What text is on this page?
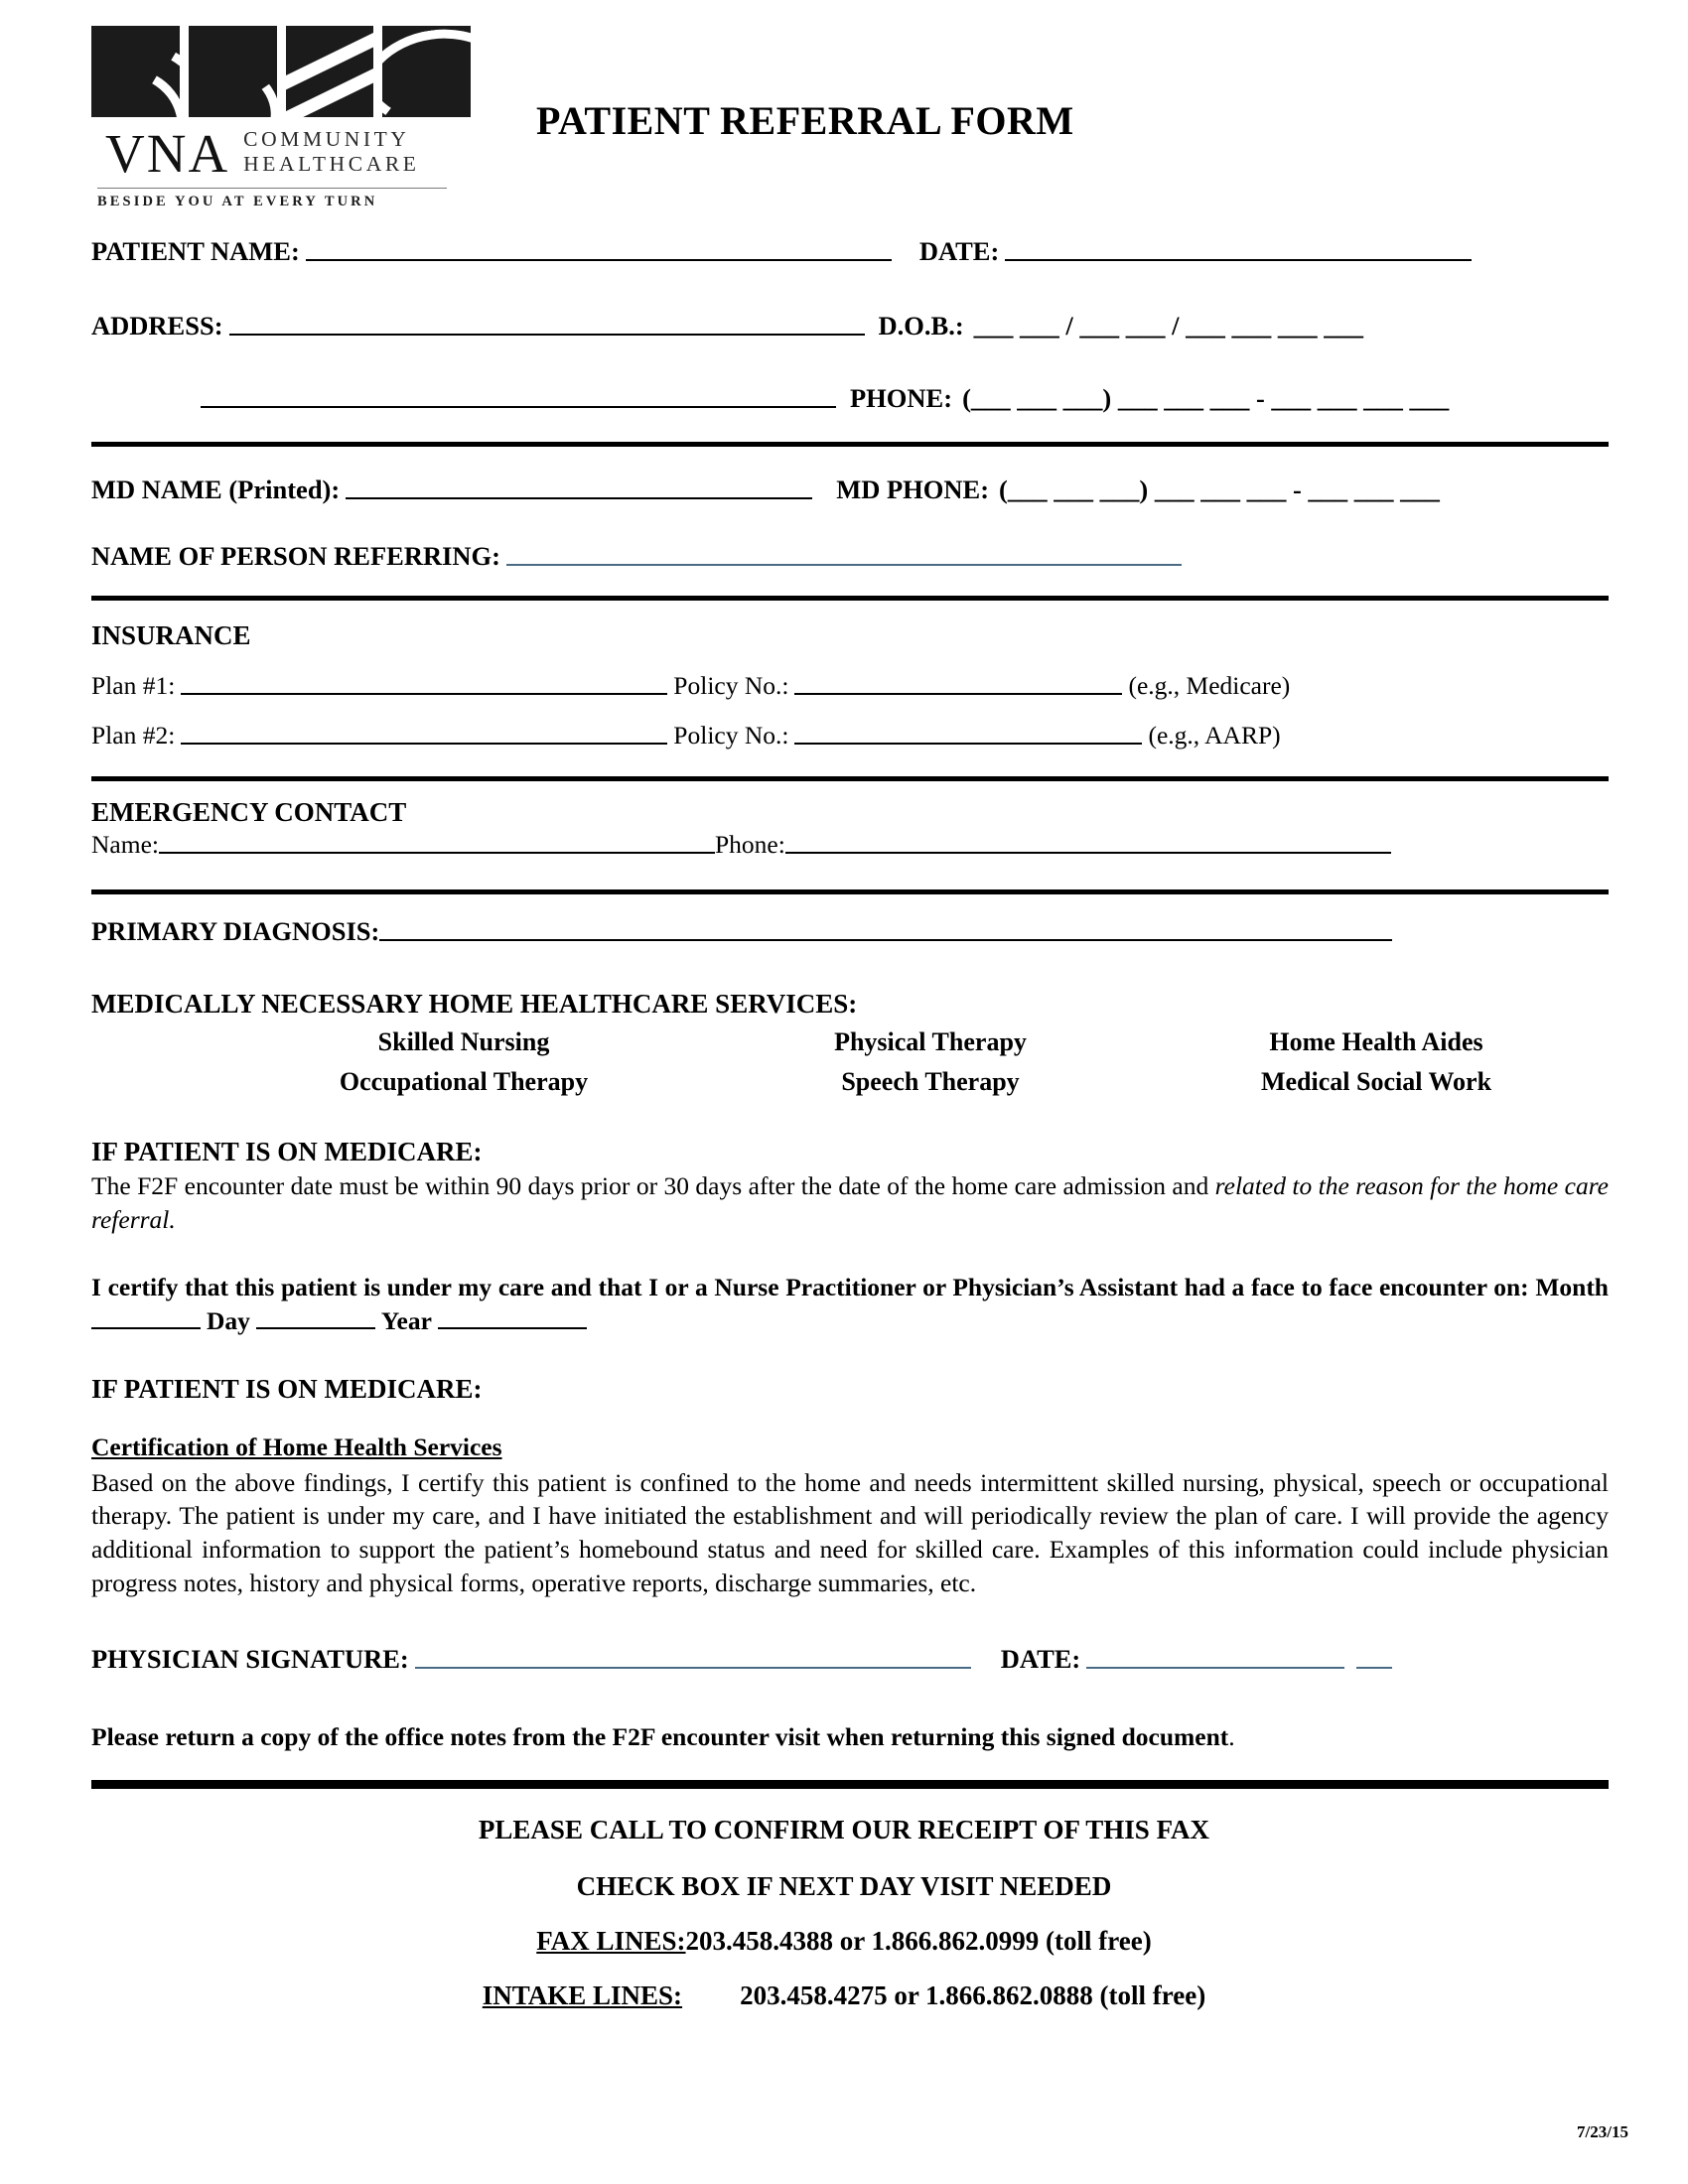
VNA COMMUNITY
HEALTHCARE
BESIDE YOU AT EVERY TURN
PATIENT REFERRAL FORM
PATIENT NAME:	DATE:
ADDRESS:	D.O.B.: ___ ___ / ___ ___ / ___ ___ ___ ___
PHONE: (___ ___ ___) ___ ___ ___ - ___ ___ ___ ___
MD NAME (Printed):	MD PHONE: (___ ___ ___) ___ ___ ___ - ___ ___ ___
NAME OF PERSON REFERRING:
INSURANCE
Plan #1:	Policy No.:	(e.g., Medicare)
Plan #2:	Policy No.:	(e.g., AARP)
EMERGENCY CONTACT
Name:	Phone:
PRIMARY DIAGNOSIS:
MEDICALLY NECESSARY HOME HEALTHCARE SERVICES:
Skilled Nursing	Physical Therapy	Home Health Aides
Occupational Therapy	Speech Therapy	Medical Social Work
IF PATIENT IS ON MEDICARE:
The F2F encounter date must be within 90 days prior or 30 days after the date of the home care admission and related to the reason for the home care referral.
I certify that this patient is under my care and that I or a Nurse Practitioner or Physician’s Assistant had a face to face encounter on: MonthDay	Year
IF PATIENT IS ON MEDICARE:
Certification of Home Health Services
Based on the above findings, I certify this patient is confined to the home and needs intermittent skilled nursing, physical, speech or occupational therapy. The patient is under my care, and I have initiated the establishment and will periodically review the plan of care. I will provide the agency additional information to support the patient’s homebound status and need for skilled care. Examples of this information could include physician progress notes, history and physical forms, operative reports, discharge summaries, etc.
PHYSICIAN SIGNATURE:	DATE:
Please return a copy of the office notes from the F2F encounter visit when returning this signed document.
PLEASE CALL TO CONFIRM OUR RECEIPT OF THIS FAX
CHECK BOX IF NEXT DAY VISIT NEEDED
FAX LINES:203.458.4388 or 1.866.862.0999 (toll free)
INTAKE LINES: 203.458.4275 or 1.866.862.0888 (toll free)
7/23/15
